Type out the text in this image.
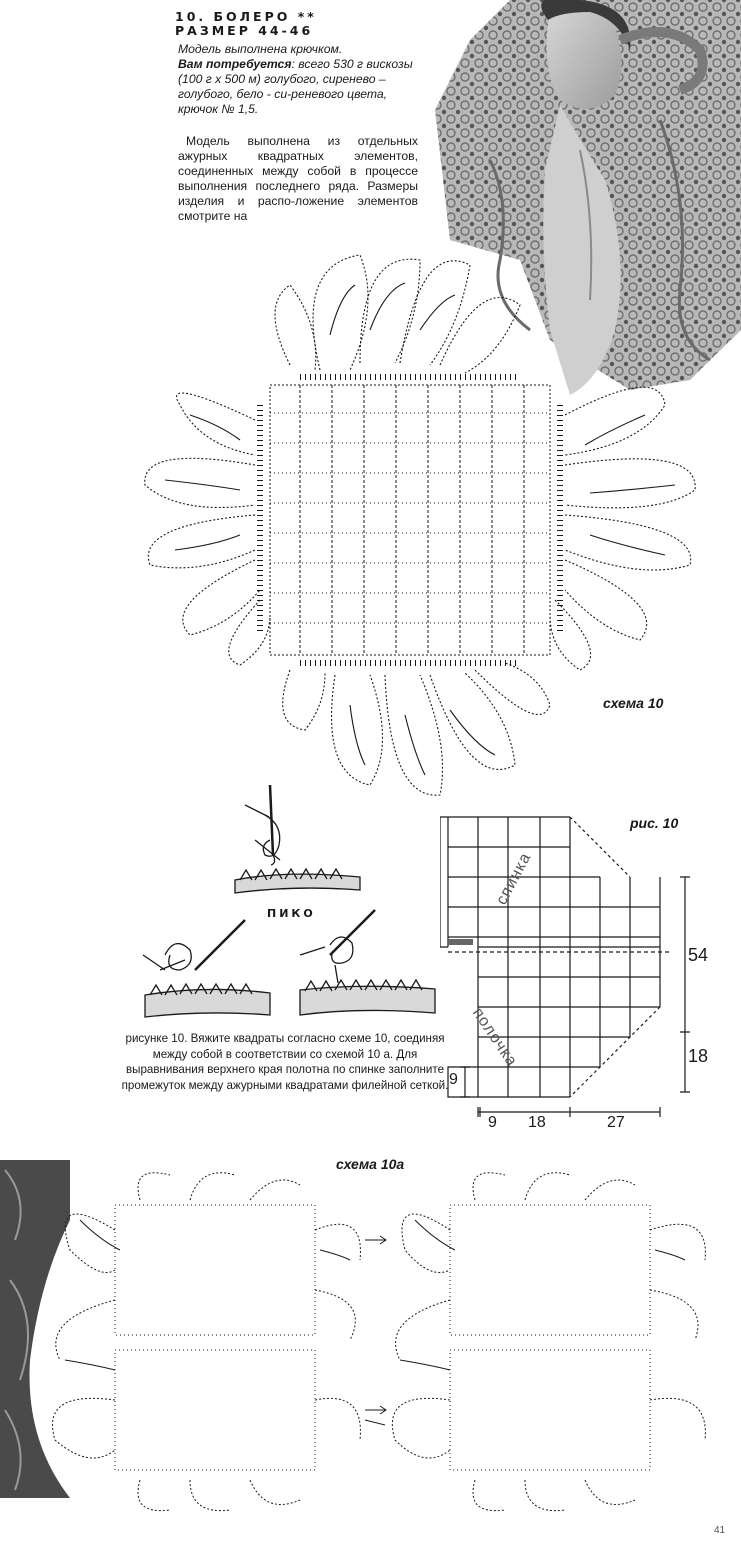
10. БОЛЕРО **
РАЗМЕР 44-46
Модель выполнена крючком.
Вам потребуется: всего 530 г вискозы (100 г х 500 м) голубого, сиренево – голубого, бело - си-реневого цвета, крючок № 1,5.

Модель выполнена из отдельных ажурных квадратных элементов, соединенных между собой в процессе выполнения последнего ряда. Размеры изделия и распо-ложение элементов смотрите на

схема 10
ПИКО
рисунке 10. Вяжите квадраты согласно схеме 10, соединяя между собой в соответствии со схемой 10 а. Для выравнивания верхнего края полотна по спинке заполните промежуток между ажурными квадратами филейной сеткой.
рис. 10
спинка
полочка
54
18
9
9 18	27
схема 10а
41
